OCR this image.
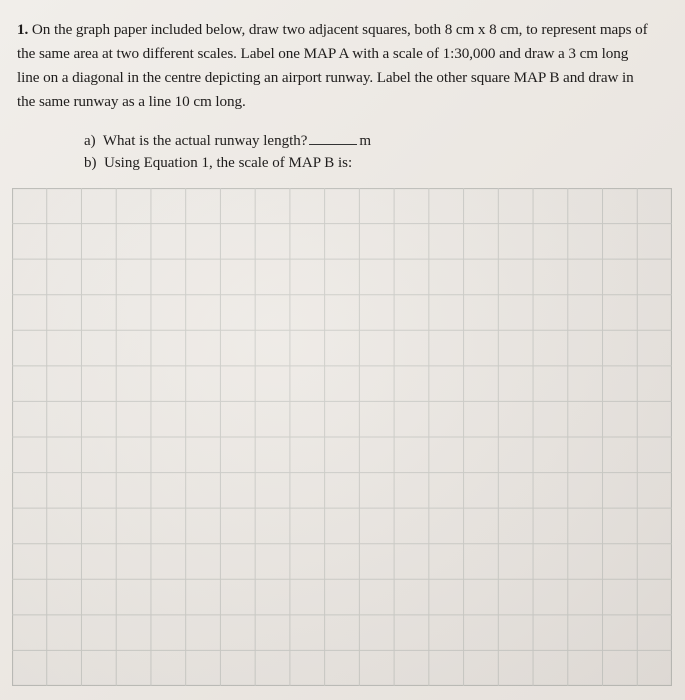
1. On the graph paper included below, draw two adjacent squares, both 8 cm x 8 cm, to represent maps of
the same area at two different scales. Label one MAP A with a scale of 1:30,000 and draw a 3 cm long
line on a diagonal in the centre depicting an airport runway. Label the other square MAP B and draw in
the same runway as a line 10 cm long.
a) What is the actual runway length?	m
b) Using Equation 1, the scale of MAP B is:
